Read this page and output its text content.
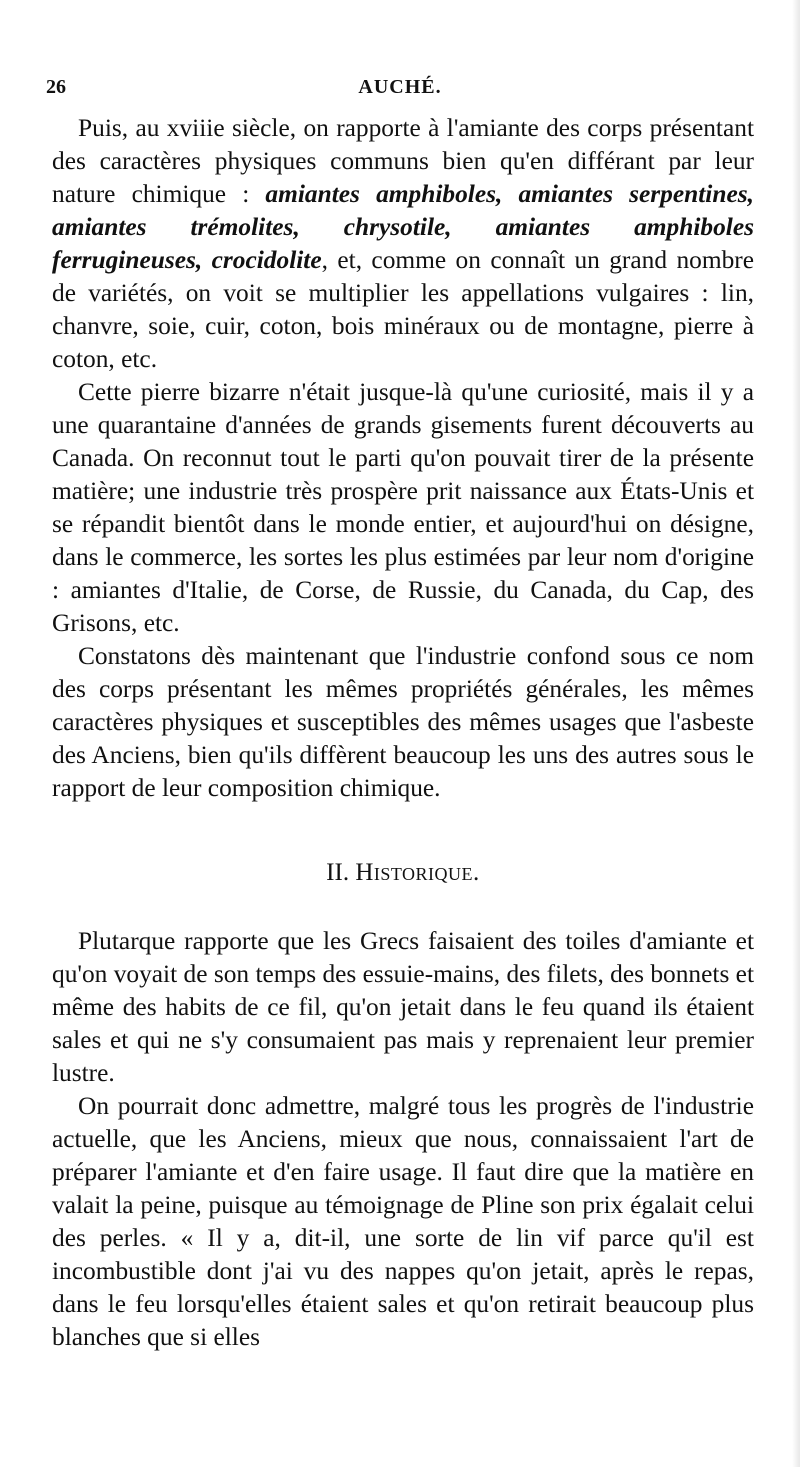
26	AUCHÉ.

Puis, au xviiie siècle, on rapporte à l'amiante des corps présentant des caractères physiques communs bien qu'en différant par leur nature chimique : amiantes amphiboles, amiantes serpentines, amiantes trémolites, chrysotile, amiantes amphiboles ferrugineuses, crocidolite, et, comme on connaît un grand nombre de variétés, on voit se multiplier les appellations vulgaires : lin, chanvre, soie, cuir, coton, bois minéraux ou de montagne, pierre à coton, etc.

Cette pierre bizarre n'était jusque-là qu'une curiosité, mais il y a une quarantaine d'années de grands gisements furent découverts au Canada. On reconnut tout le parti qu'on pouvait tirer de la présente matière; une industrie très prospère prit naissance aux États-Unis et se répandit bientôt dans le monde entier, et aujourd'hui on désigne, dans le commerce, les sortes les plus estimées par leur nom d'origine : amiantes d'Italie, de Corse, de Russie, du Canada, du Cap, des Grisons, etc.

Constatons dès maintenant que l'industrie confond sous ce nom des corps présentant les mêmes propriétés générales, les mêmes caractères physiques et susceptibles des mêmes usages que l'asbeste des Anciens, bien qu'ils diffèrent beaucoup les uns des autres sous le rapport de leur composition chimique.

II. Historique.

Plutarque rapporte que les Grecs faisaient des toiles d'amiante et qu'on voyait de son temps des essuie-mains, des filets, des bonnets et même des habits de ce fil, qu'on jetait dans le feu quand ils étaient sales et qui ne s'y consumaient pas mais y reprenaient leur premier lustre.

On pourrait donc admettre, malgré tous les progrès de l'industrie actuelle, que les Anciens, mieux que nous, connaissaient l'art de préparer l'amiante et d'en faire usage. Il faut dire que la matière en valait la peine, puisque au témoignage de Pline son prix égalait celui des perles. « Il y a, dit-il, une sorte de lin vif parce qu'il est incombustible dont j'ai vu des nappes qu'on jetait, après le repas, dans le feu lorsqu'elles étaient sales et qu'on retirait beaucoup plus blanches que si elles
